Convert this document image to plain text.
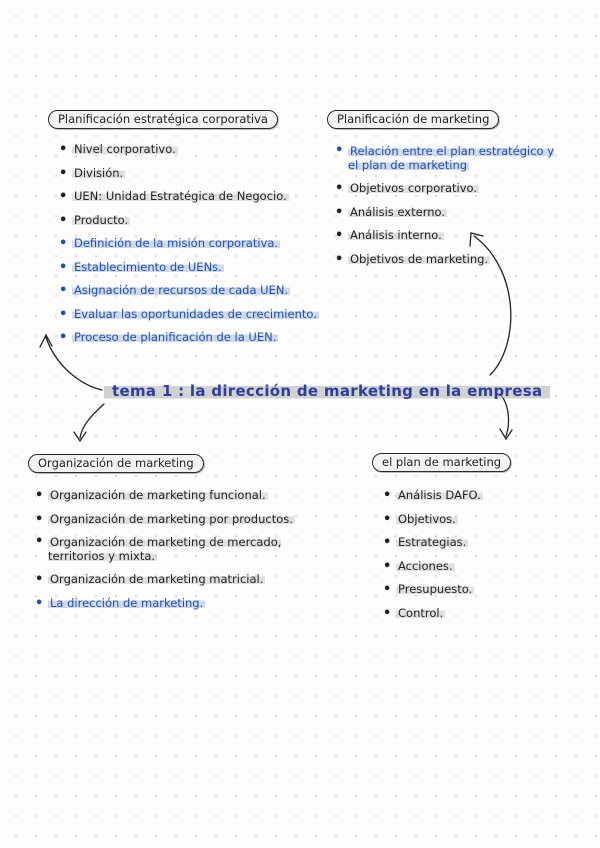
Planificación estratégica corporativa
• Nivel corporativo.
• División.
• UEN: Unidad Estratégica de Negocio.
• Producto.
• Definición de la misión corporativa.
• Establecimiento de UENs.
• Asignación de recursos de cada UEN.
• Evaluar las oportunidades de crecimiento.
• Proceso de planificación de la UEN.
Planificación de marketing
• Relación entre el plan estratégico y el plan de marketing
• Objetivos corporativo.
• Análisis externo.
• Análisis interno.
• Objetivos de marketing.
tema 1 : la dirección de marketing en la empresa
Organización de marketing
• Organización de marketing funcional.
• Organización de marketing por productos.
• Organización de marketing de mercado, territorios y mixta.
• Organización de marketing matricial.
• La dirección de marketing.
el plan de marketing
• Análisis DAFO.
• Objetivos.
• Estrategias.
• Acciones.
• Presupuesto.
• Control.
